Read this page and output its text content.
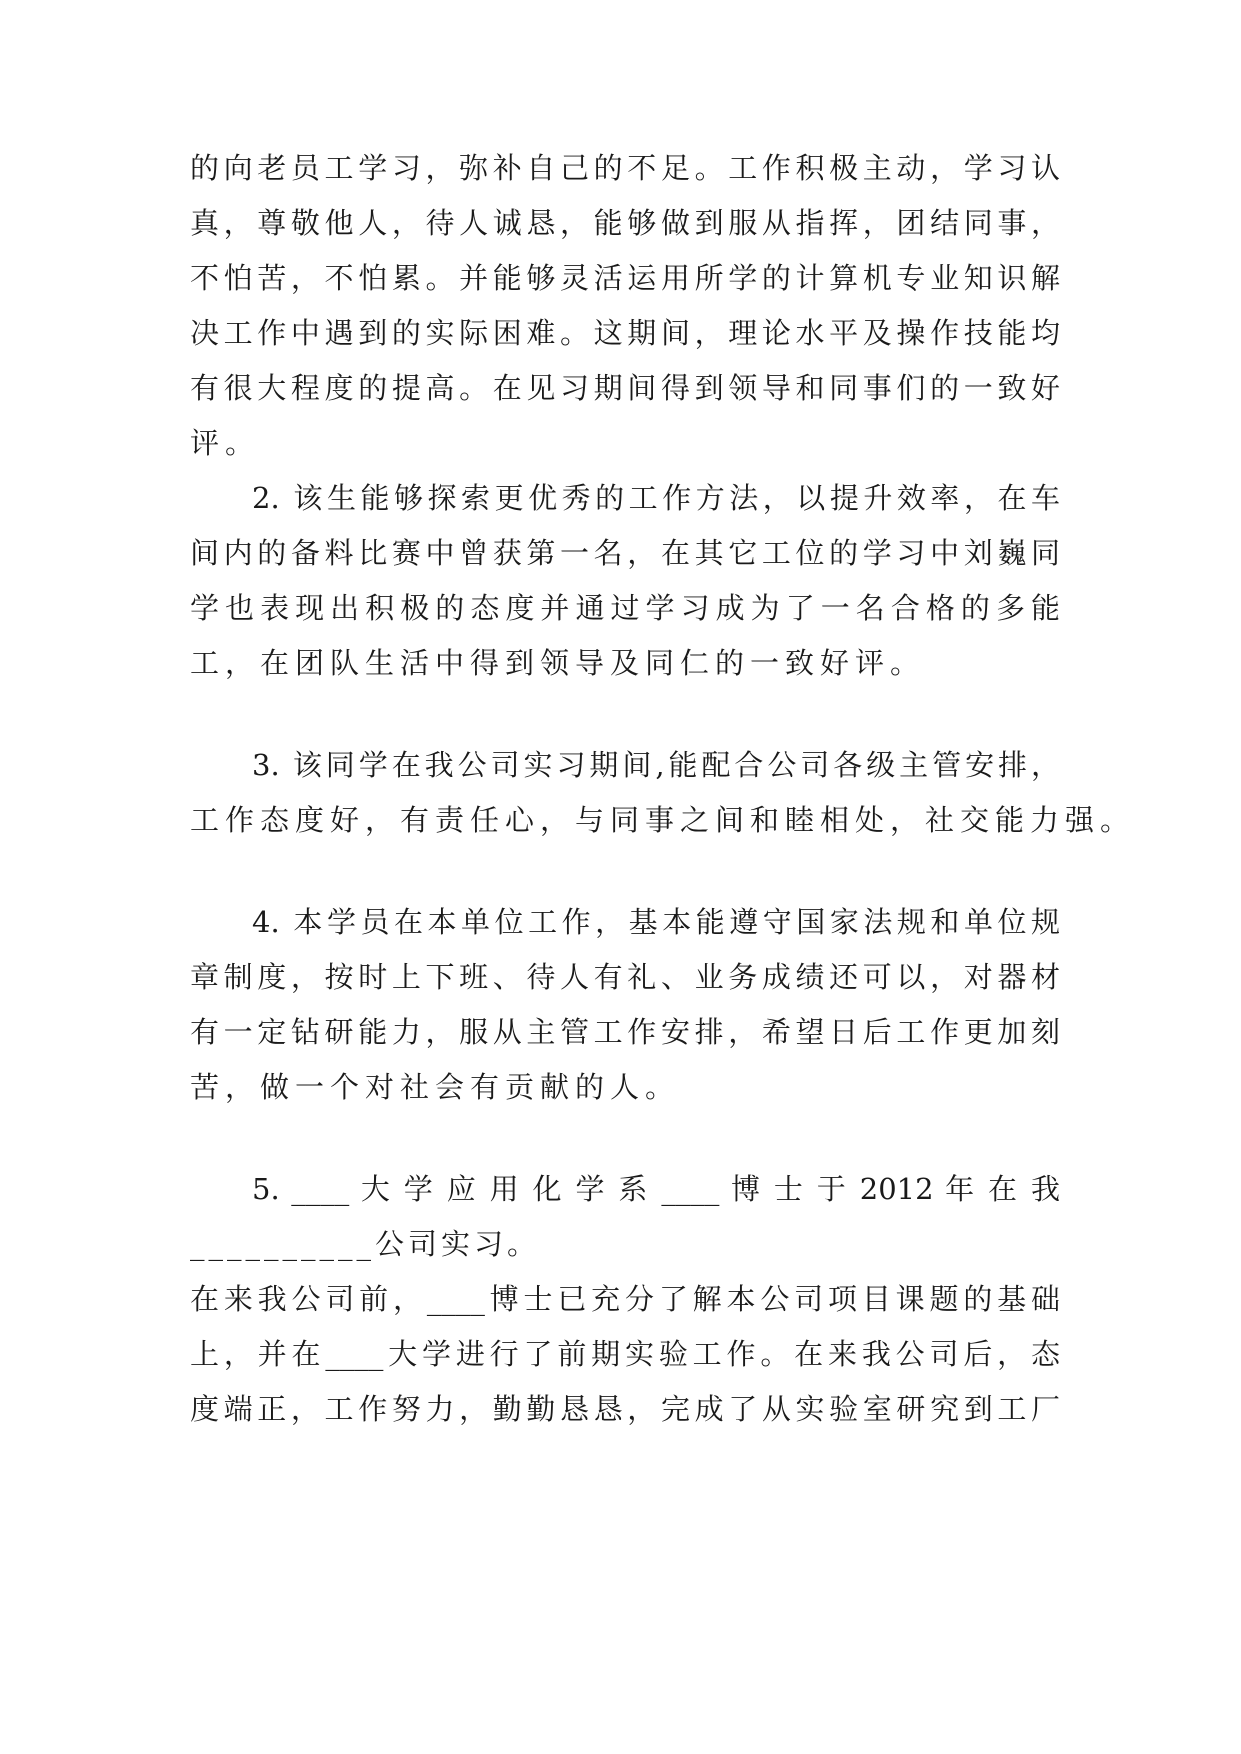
的向老员工学习，弥补自己的不足。工作积极主动，学习认
真，尊敬他人，待人诚恳，能够做到服从指挥，团结同事，
不怕苦，不怕累。并能够灵活运用所学的计算机专业知识解
决工作中遇到的实际困难。这期间，理论水平及操作技能均
有很大程度的提高。在见习期间得到领导和同事们的一致好
评。
2. 该生能够探索更优秀的工作方法，以提升效率，在车
间内的备料比赛中曾获第一名，在其它工位的学习中刘巍同
学也表现出积极的态度并通过学习成为了一名合格的多能
工，在团队生活中得到领导及同仁的一致好评。
3. 该同学在我公司实习期间,能配合公司各级主管安排，
工作态度好，有责任心，与同事之间和睦相处，社交能力强。
4. 本学员在本单位工作，基本能遵守国家法规和单位规
章制度，按时上下班、待人有礼、业务成绩还可以，对器材
有一定钻研能力，服从主管工作安排，希望日后工作更加刻
苦，做一个对社会有贡献的人。
5. ____ 大 学 应 用 化 学 系 ____ 博 士 于 2012 年 在 我
__________公司实习。
在来我公司前，____博士已充分了解本公司项目课题的基础
上，并在____大学进行了前期实验工作。在来我公司后，态
度端正，工作努力，勤勤恳恳，完成了从实验室研究到工厂
